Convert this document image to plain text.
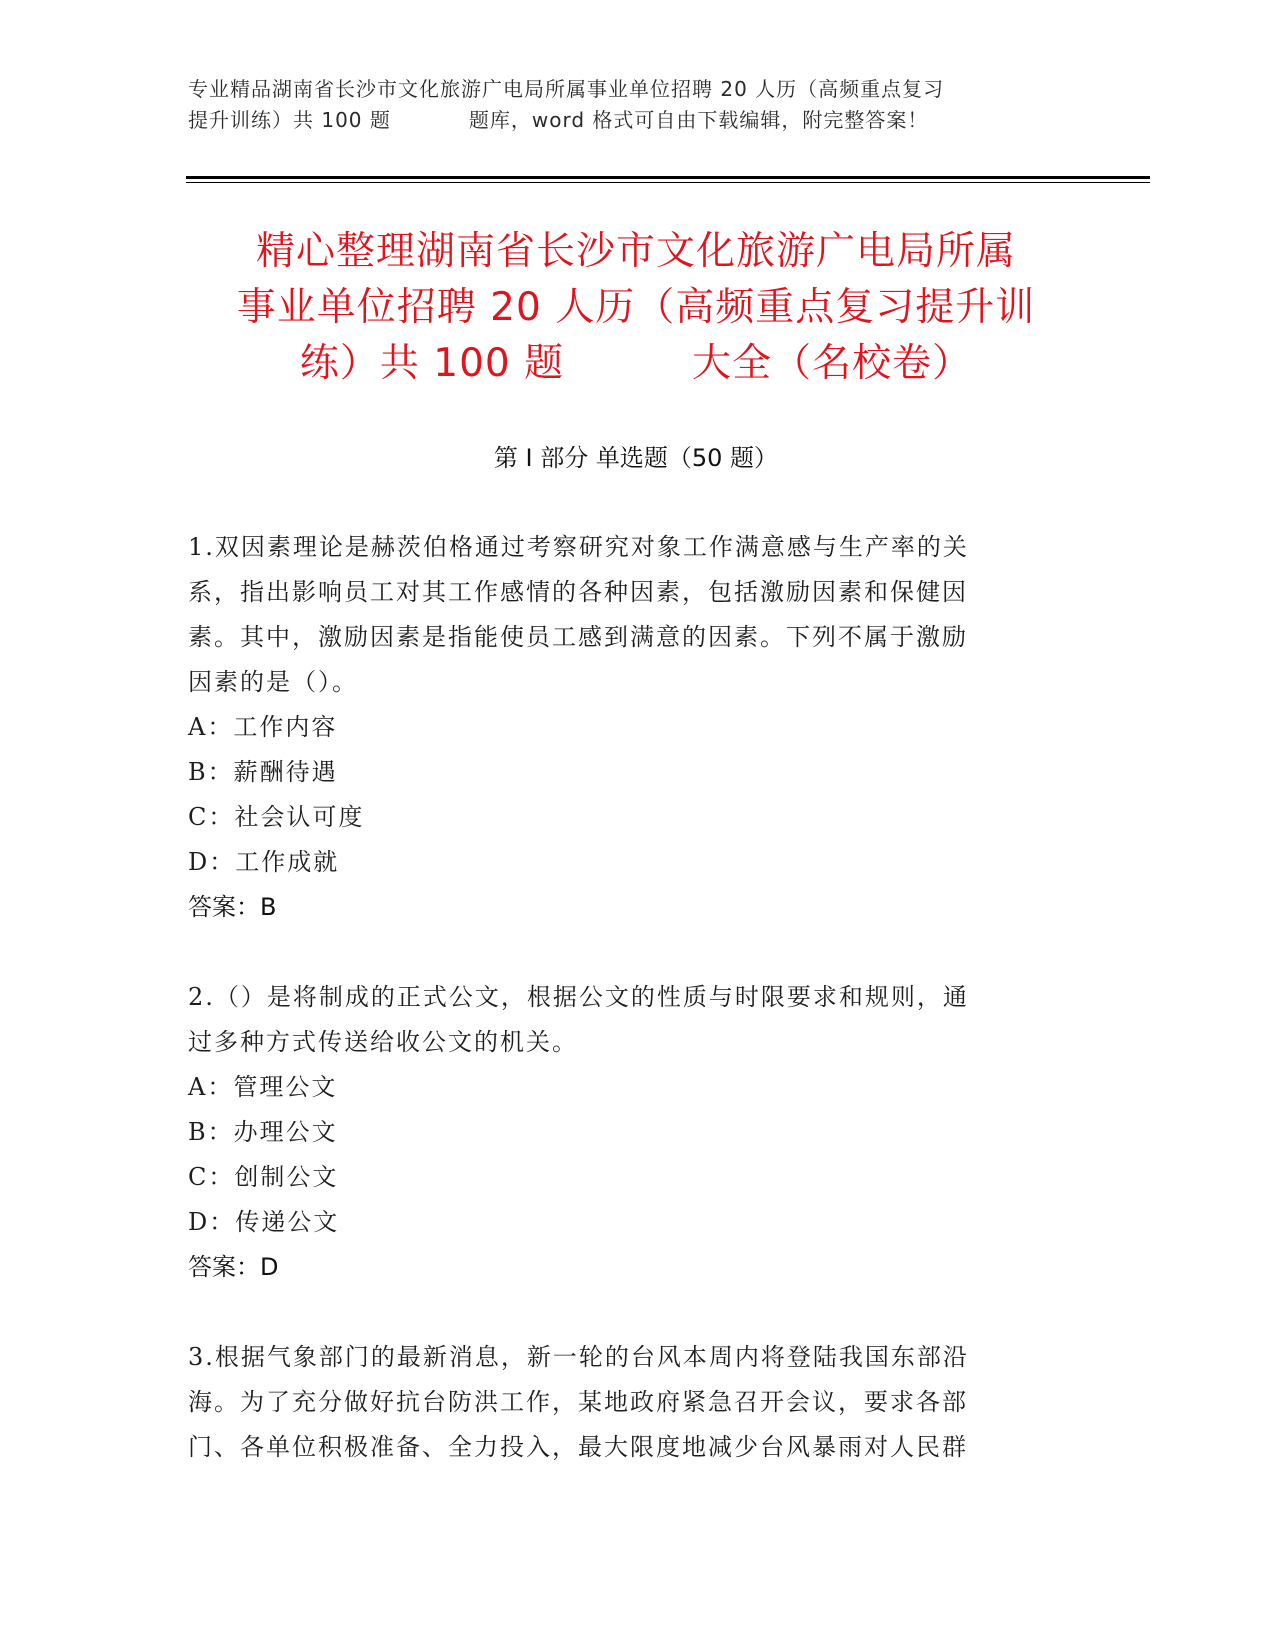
专业精品湖南省长沙市文化旅游广电局所属事业单位招聘 20 人历（高频重点复习
提升训练）共 100 题	题库，word 格式可自由下载编辑，附完整答案！
精心整理湖南省长沙市文化旅游广电局所属
事业单位招聘 20 人历（高频重点复习提升训
练）共 100 题	大全（名校卷）
第 I 部分 单选题（50 题）

1.双因素理论是赫茨伯格通过考察研究对象工作满意感与生产率的关

系，指出影响员工对其工作感情的各种因素，包括激励因素和保健因

素。其中，激励因素是指能使员工感到满意的因素。下列不属于激励

因素的是（）。

A：工作内容

B：薪酬待遇

C：社会认可度

D：工作成就

答案：B

2.（）是将制成的正式公文，根据公文的性质与时限要求和规则，通

过多种方式传送给收公文的机关。

A：管理公文

B：办理公文

C：创制公文

D：传递公文

答案：D

3.根据气象部门的最新消息，新一轮的台风本周内将登陆我国东部沿

海。为了充分做好抗台防洪工作，某地政府紧急召开会议，要求各部

门、各单位积极准备、全力投入，最大限度地减少台风暴雨对人民群
